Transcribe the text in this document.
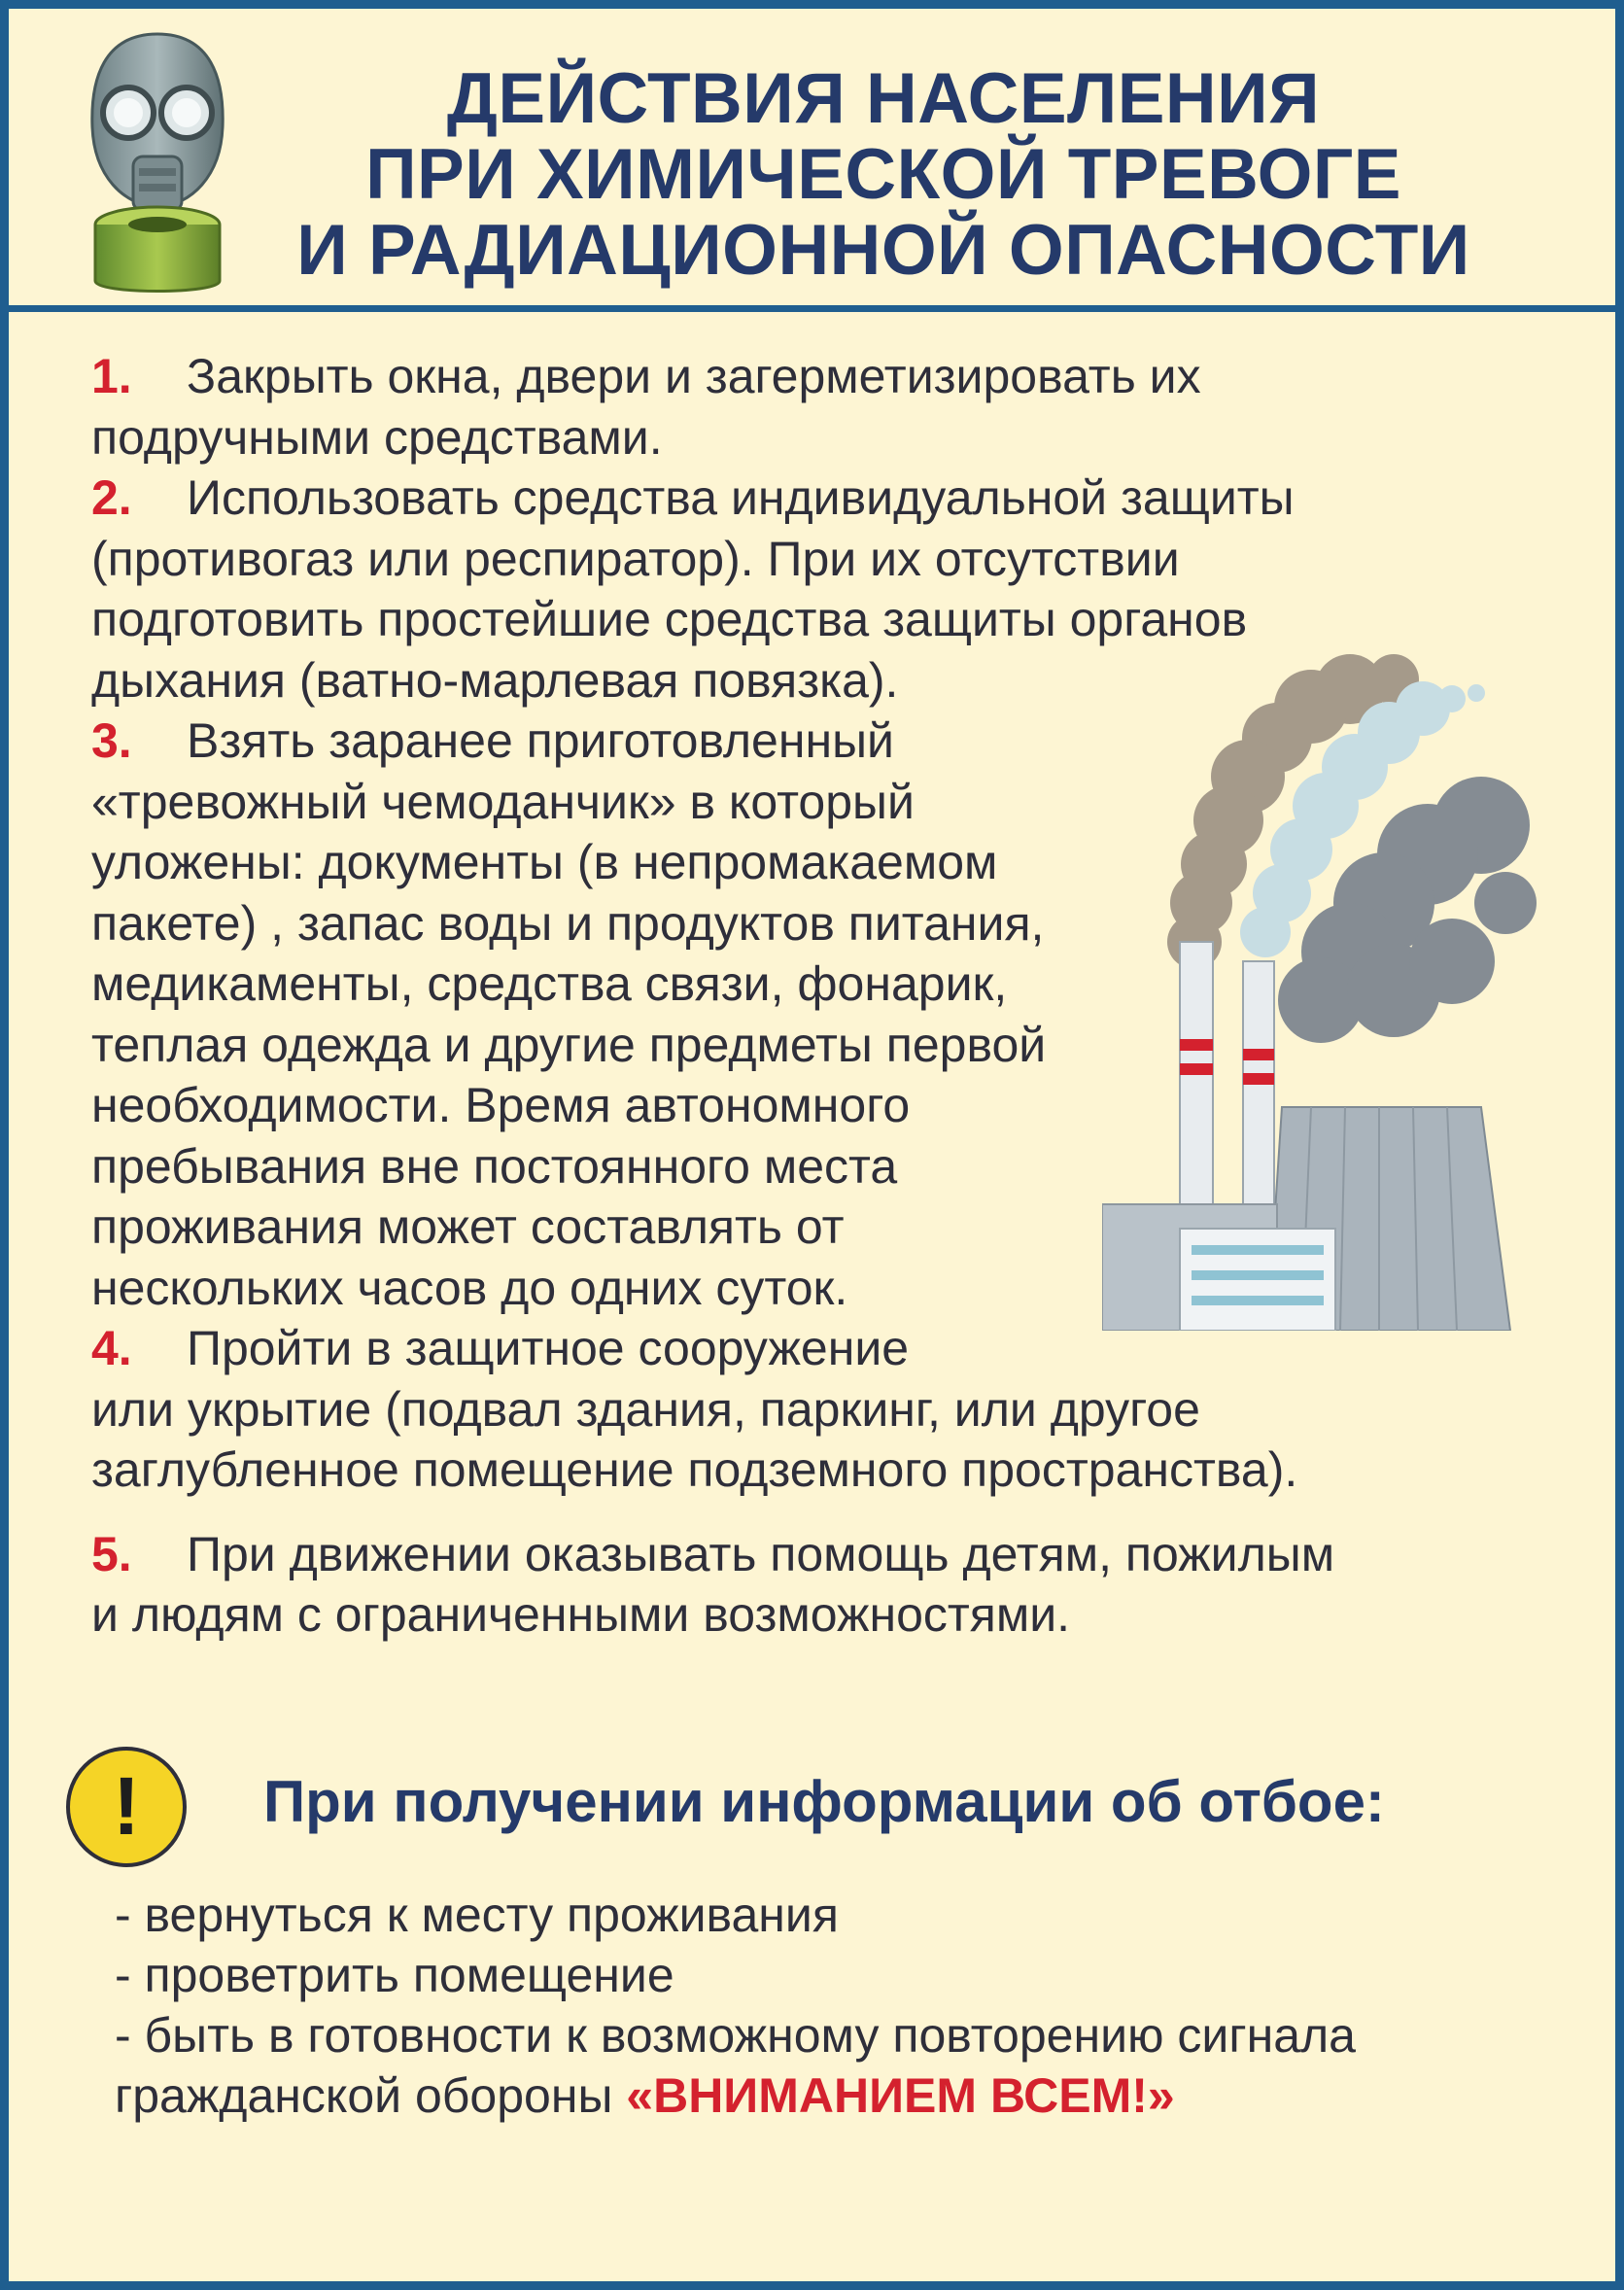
ДЕЙСТВИЯ НАСЕЛЕНИЯ
ПРИ ХИМИЧЕСКОЙ ТРЕВОГЕ
И РАДИАЦИОННОЙ ОПАСНОСТИ
1. Закрыть окна, двери и загерметизировать их
подручными средствами.
2. Использовать средства индивидуальной защиты
(противогаз или респиратор). При их отсутствии
подготовить простейшие средства защиты органов
дыхания (ватно-марлевая повязка).
3. Взять заранее приготовленный
«тревожный чемоданчик» в который
уложены: документы (в непромакаемом
пакете) , запас воды и продуктов питания,
медикаменты, средства связи, фонарик,
теплая одежда и другие предметы первой
необходимости. Время автономного
пребывания вне постоянного места
проживания может составлять от
нескольких часов до одних суток.
4. Пройти в защитное сооружение
или укрытие (подвал здания, паркинг, или другое
заглубленное помещение подземного пространства).
5. При движении оказывать помощь детям, пожилым
и людям с ограниченными возможностями.
! При получении информации об отбое:
- вернуться к месту проживания
- проветрить помещение
- быть в готовности к возможному повторению сигнала
гражданской обороны «ВНИМАНИЕМ ВСЕМ!»
